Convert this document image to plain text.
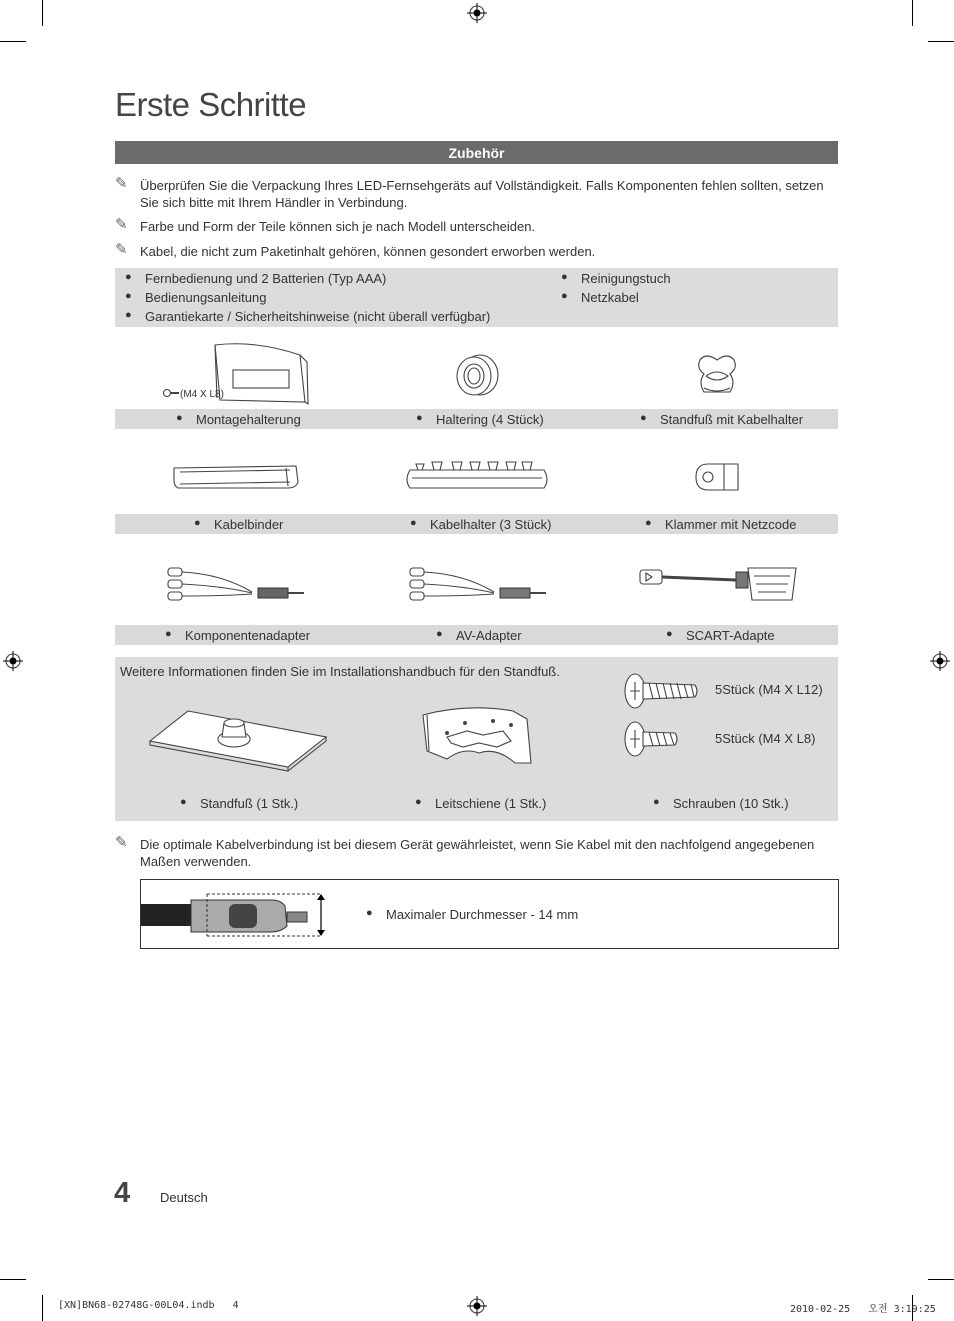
Erste Schritte
Zubehör
✎ Überprüfen Sie die Verpackung Ihres LED-Fernsehgeräts auf Vollständigkeit. Falls Komponenten fehlen sollten, setzen Sie sich bitte mit Ihrem Händler in Verbindung.
✎ Farbe und Form der Teile können sich je nach Modell unterscheiden.
✎ Kabel, die nicht zum Paketinhalt gehören, können gesondert erworben werden.
● Fernbedienung und 2 Batterien (Typ AAA)
● Bedienungsanleitung
● Garantiekarte / Sicherheitshinweise (nicht überall verfügbar)
● Reinigungstuch
● Netzkabel
(M4 X L8)
● Montagehalterung	● Haltering (4 Stück)	● Standfuß mit Kabelhalter
● Kabelbinder	● Kabelhalter (3 Stück)	● Klammer mit Netzcode
● Komponentenadapter	● AV-Adapter	● SCART-Adapte
Weitere Informationen finden Sie im Installationshandbuch für den Standfuß.
5Stück (M4 X L12)
5Stück (M4 X L8)
● Standfuß (1 Stk.)	● Leitschiene (1 Stk.)	● Schrauben (10 Stk.)
✎ Die optimale Kabelverbindung ist bei diesem Gerät gewährleistet, wenn Sie Kabel mit den nachfolgend angegebenen Maßen verwenden.
● Maximaler Durchmesser - 14 mm
4 Deutsch
[XN]BN68-02748G-00L04.indb   4	2010-02-25   오전 3:19:25
